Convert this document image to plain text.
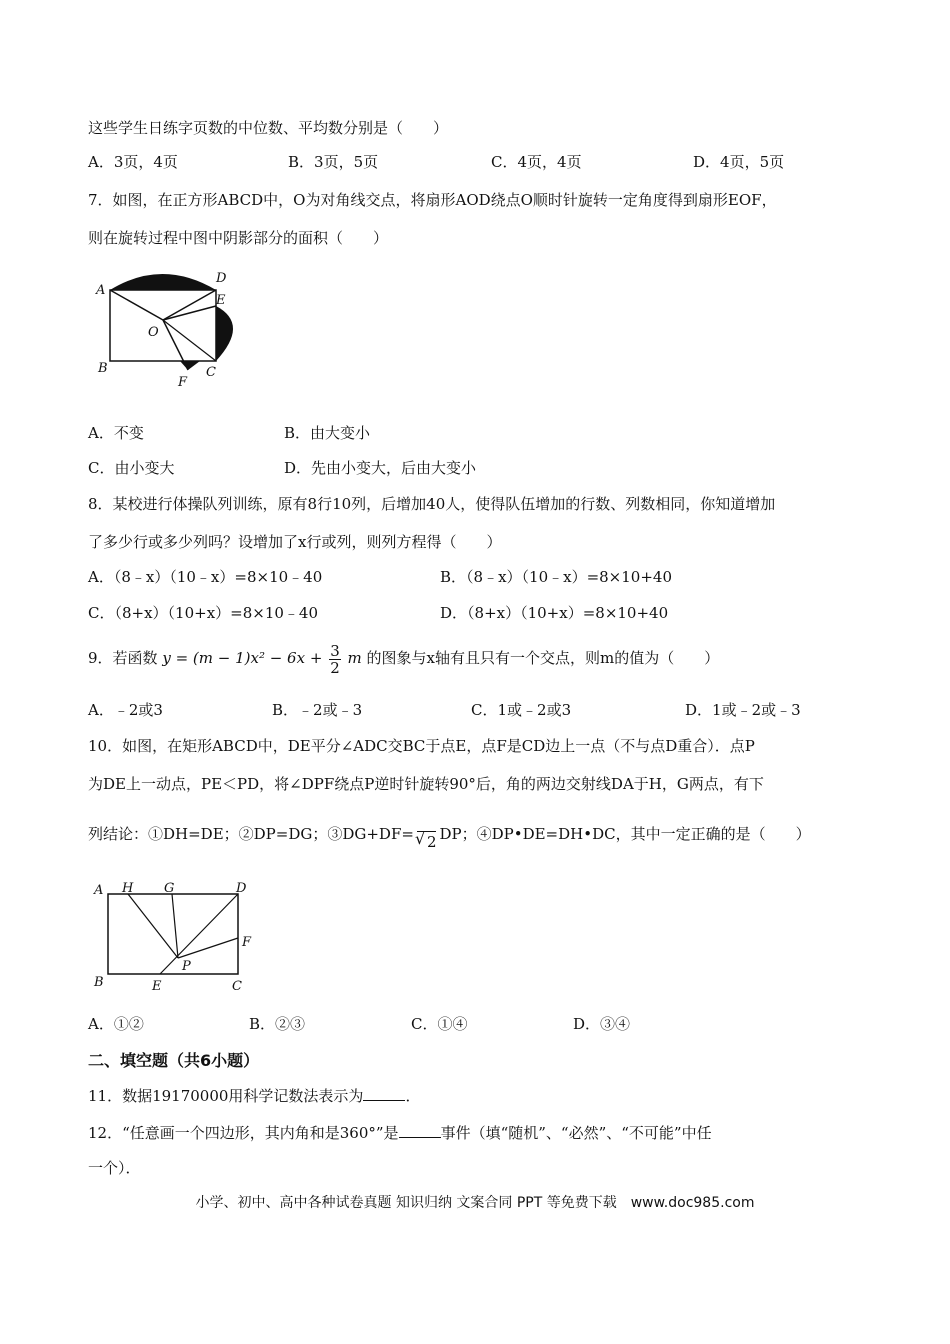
这些学生日练字页数的中位数、平均数分别是（　　）
A．3页，4页	B．3页，5页	C．4页，4页	D．4页，5页
7．如图，在正方形ABCD中，O为对角线交点，将扇形AOD绕点O顺时针旋转一定角度得到扇形EOF，
则在旋转过程中图中阴影部分的面积（　　）
A
D
E
O
B
F
C
A．不变	B．由大变小
C．由小变大	D．先由小变大，后由大变小
8．某校进行体操队列训练，原有8行10列，后增加40人，使得队伍增加的行数、列数相同，你知道增加
了多少行或多少列吗？设增加了x行或列，则列方程得（　　）
A．（8﹣x）（10﹣x）=8×10﹣40	B．（8﹣x）（10﹣x）=8×10+40
C．（8+x）（10+x）=8×10﹣40	D．（8+x）（10+x）=8×10+40
9．若函数 $y = (m - 1)x^2 - 6x + \frac{3}{2}$ m 的图象与x轴有且只有一个交点，则m的值为（　　）
A．﹣2或3	B．﹣2或﹣3	C．1或﹣2或3	D．1或﹣2或﹣3
10．如图，在矩形ABCD中，DE平分∠ADC交BC于点E，点F是CD边上一点（不与点D重合）．点P
为DE上一动点，PE＜PD，将∠DPF绕点P逆时针旋转90°后，角的两边交射线DA于H，G两点，有下
列结论：①DH=DE；②DP=DG；③DG+DF=√ 2 DP；④DP•DE=DH•DC，其中一定正确的是（　　）
A H G	D
F
P
B	E	C
A．①②	B．②③	C．①④	D．③④
二、填空题（共6小题）
11．数据19170000用科学记数法表示为	．
12．“任意画一个四边形，其内角和是360°”是	事件（填“随机”、“必然”、“不可能”中任
一个）．
小学、初中、高中各种试卷真题 知识归纳 文案合同 PPT 等免费下载　www.doc985.com
